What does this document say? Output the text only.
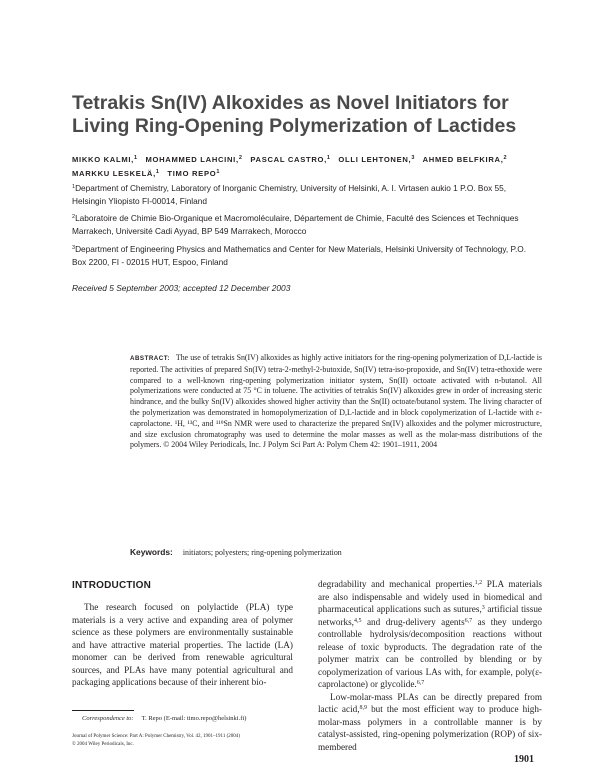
Tetrakis Sn(IV) Alkoxides as Novel Initiators for Living Ring-Opening Polymerization of Lactides
MIKKO KALMI,$^1$ MOHAMMED LAHCINI,$^2$ PASCAL CASTRO,$^1$ OLLI LEHTONEN,$^3$ AHMED BELFKIRA,$^2$
MARKKU LESKELÄ,$^1$ TIMO REPO$^1$
$^1$Department of Chemistry, Laboratory of Inorganic Chemistry, University of Helsinki, A. I. Virtasen aukio 1 P.O. Box 55, Helsingin Yliopisto FI-00014, Finland
$^2$Laboratoire de Chimie Bio-Organique et Macromoléculaire, Département de Chimie, Faculté des Sciences et Techniques Marrakech, Université Cadi Ayyad, BP 549 Marrakech, Morocco
$^3$Department of Engineering Physics and Mathematics and Center for New Materials, Helsinki University of Technology, P.O. Box 2200, FI - 02015 HUT, Espoo, Finland
Received 5 September 2003; accepted 12 December 2003
ABSTRACT: The use of tetrakis Sn(IV) alkoxides as highly active initiators for the ring-opening polymerization of D,L-lactide is reported. The activities of prepared Sn(IV) tetra-2-methyl-2-butoxide, Sn(IV) tetra-iso-propoxide, and Sn(IV) tetra-ethoxide were compared to a well-known ring-opening polymerization initiator system, Sn(II) octoate activated with n-butanol. All polymerizations were conducted at 75 °C in toluene. The activities of tetrakis Sn(IV) alkoxides grew in order of increasing steric hindrance, and the bulky Sn(IV) alkoxides showed higher activity than the Sn(II) octoate/butanol system. The living character of the polymerization was demonstrated in homopolymerization of D,L-lactide and in block copolymerization of L-lactide with ε-caprolactone. ¹H, ¹³C, and ¹¹⁹Sn NMR were used to characterize the prepared Sn(IV) alkoxides and the polymer microstructure, and size exclusion chromatography was used to determine the molar masses as well as the molar-mass distributions of the polymers. © 2004 Wiley Periodicals, Inc. J Polym Sci Part A: Polym Chem 42: 1901–1911, 2004
Keywords: initiators; polyesters; ring-opening polymerization
INTRODUCTION

The research focused on polylactide (PLA) type materials is a very active and expanding area of polymer science as these polymers are environmentally sustainable and have attractive material properties. The lactide (LA) monomer can be derived from renewable agricultural sources, and PLAs have many potential agricultural and packaging applications because of their inherent bio-

degradability and mechanical properties.$^{1,2}$ PLA materials are also indispensable and widely used in biomedical and pharmaceutical applications such as sutures,$^3$ artificial tissue networks,$^{4,5}$ and drug-delivery agents$^{6,7}$ as they undergo controllable hydrolysis/decomposition reactions without release of toxic byproducts. The degradation rate of the polymer matrix can be controlled by blending or by copolymerization of various LAs with, for example, poly(ε-caprolactone) or glycolide.$^{6,7}$

Low-molar-mass PLAs can be directly prepared from lactic acid,$^{8,9}$ but the most efficient way to produce high-molar-mass polymers in a controllable manner is by catalyst-assisted, ring-opening polymerization (ROP) of six-membered

Correspondence to: T. Repo (E-mail: timo.repo@helsinki.fi)
Journal of Polymer Science: Part A: Polymer Chemistry, Vol. 42, 1901–1911 (2004)
© 2004 Wiley Periodicals, Inc.
1901
